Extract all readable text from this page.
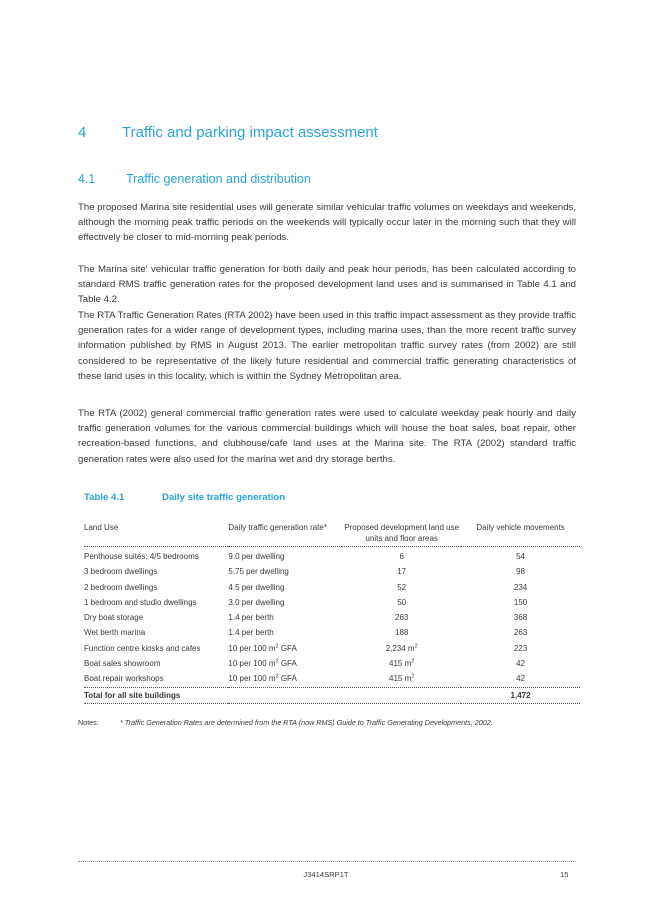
4 Traffic and parking impact assessment
4.1 Traffic generation and distribution

The proposed Marina site residential uses will generate similar vehicular traffic volumes on weekdays and weekends, although the morning peak traffic periods on the weekends will typically occur later in the morning such that they will effectively be closer to mid-morning peak periods.

The Marina site' vehicular traffic generation for both daily and peak hour periods, has been calculated according to standard RMS traffic generation rates for the proposed development land uses and is summarised in Table 4.1 and Table 4.2.

The RTA Traffic Generation Rates (RTA 2002) have been used in this traffic impact assessment as they provide traffic generation rates for a wider range of development types, including marina uses, than the more recent traffic survey information published by RMS in August 2013. The earlier metropolitan traffic survey rates (from 2002) are still considered to be representative of the likely future residential and commercial traffic generating characteristics of these land uses in this locality, which is within the Sydney Metropolitan area.

The RTA (2002) general commercial traffic generation rates were used to calculate weekday peak hourly and daily traffic generation volumes for the various commercial buildings which will house the boat sales, boat repair, other recreation-based functions, and clubhouse/cafe land uses at the Marina site. The RTA (2002) standard traffic generation rates were also used for the marina wet and dry storage berths.

Table 4.1	Daily site traffic generation
Land Use	Daily traffic generation rate*	Proposed development land use units and floor areas	Daily vehicle movements
Penthouse suites: 4/5 bedrooms	9.0 per dwelling	6	54
3 bedroom dwellings	5.75 per dwelling	17	98
2 bedroom dwellings	4.5 per dwelling	52	234
1 bedroom and studio dwellings	3.0 per dwelling	50	150
Dry boat storage	1.4 per berth	263	368
Wet berth marina	1.4 per berth	188	263
Function centre kiosks and cafes	10 per 100 $m^2$ GFA	2,234 $m^2$	223
Boat sales showroom	10 per 100 $m^2$ GFA	415 $m^2$	42
Boat repair workshops	10 per 100 $m^2$ GFA	415 $m^2$	42
Total for all site buildings			1,472
Notes:	* Traffic Generation Rates are determined from the RTA (now RMS) Guide to Traffic Generating Developments, 2002.
J3414SRP1T	15
